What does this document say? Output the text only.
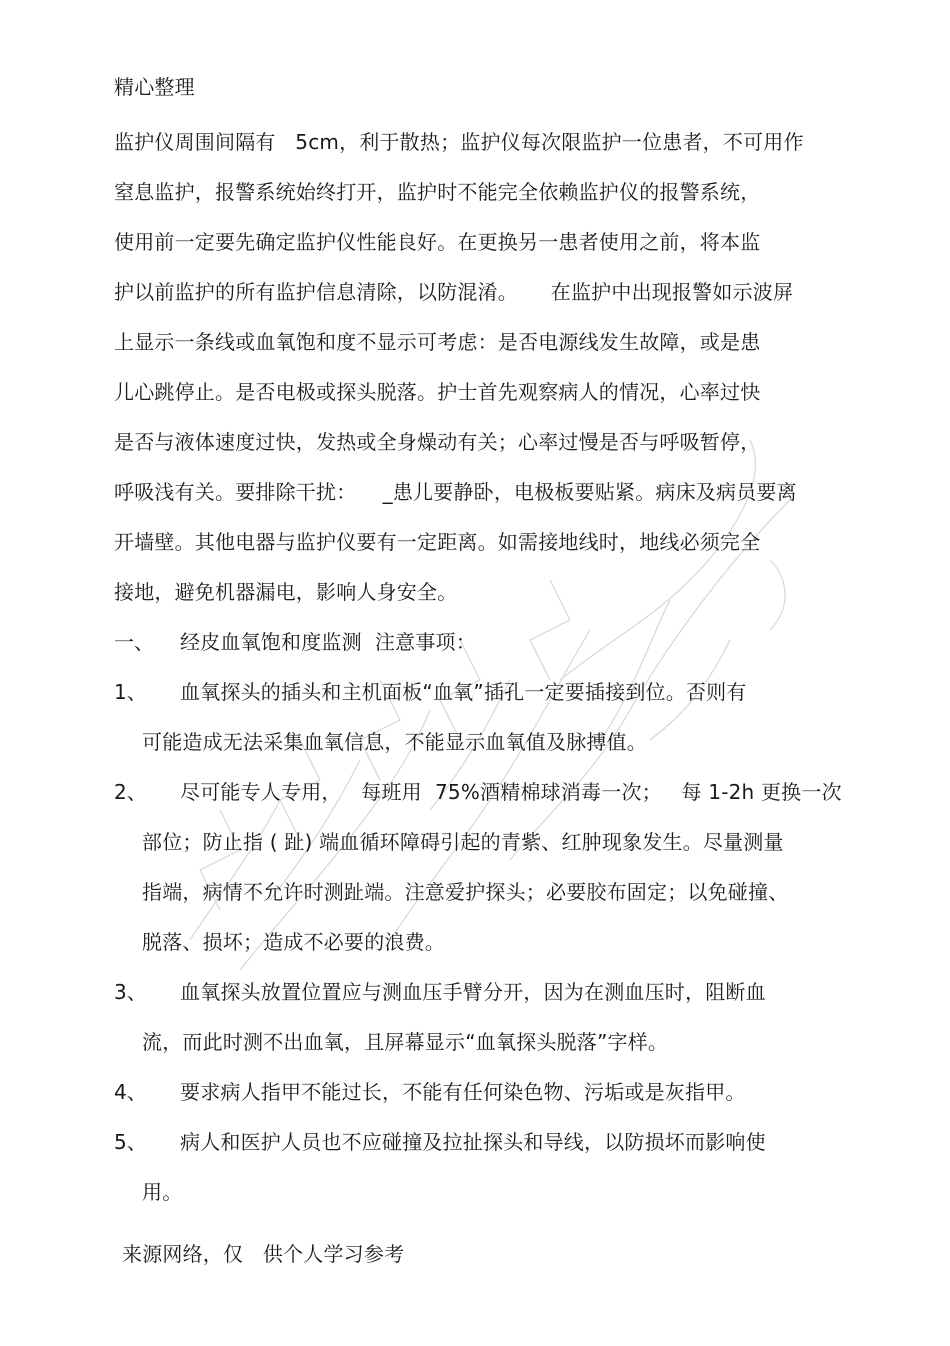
精心整理
监护仪周围间隔有   5cm，利于散热；监护仪每次限监护一位患者，不可用作
窒息监护，报警系统始终打开，监护时不能完全依赖监护仪的报警系统，
使用前一定要先确定监护仪性能良好。在更换另一患者使用之前，将本监
护以前监护的所有监护信息清除，以防混淆。     在监护中出现报警如示波屏
上显示一条线或血氧饱和度不显示可考虑：是否电源线发生故障，或是患
儿心跳停止。是否电极或探头脱落。护士首先观察病人的情况，心率过快
是否与液体速度过快，发热或全身燥动有关；心率过慢是否与呼吸暂停，
呼吸浅有关。要排除干扰：    _患儿要静卧，电极板要贴紧。病床及病员要离
开墙壁。其他电器与监护仪要有一定距离。如需接地线时，地线必须完全
接地，避免机器漏电，影响人身安全。
一、 经皮血氧饱和度监测  注意事项：
1、 血氧探头的插头和主机面板“血氧”插孔一定要插接到位。否则有
可能造成无法采集血氧信息，不能显示血氧值及脉搏值。
2、 尽可能专人专用，   每班用  75%酒精棉球消毒一次；   每 1-2h 更换一次
部位；防止指 ( 趾) 端血循环障碍引起的青紫、红肿现象发生。尽量测量
指端，病情不允许时测趾端。注意爱护探头；必要胶布固定；以免碰撞、
脱落、损坏；造成不必要的浪费。
3、 血氧探头放置位置应与测血压手臂分开，因为在测血压时，阻断血
流，而此时测不出血氧，且屏幕显示“血氧探头脱落”字样。
4、 要求病人指甲不能过长，不能有任何染色物、污垢或是灰指甲。
5、 病人和医护人员也不应碰撞及拉扯探头和导线，以防损坏而影响使
用。
来源网络，仅   供个人学习参考
